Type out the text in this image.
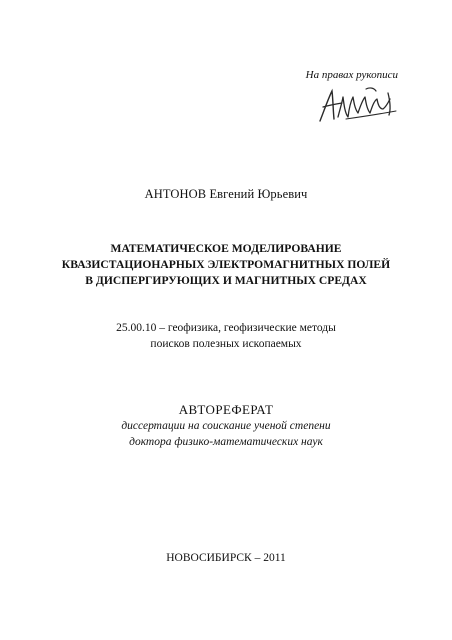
На правах рукописи
АНТОНОВ Евгений Юрьевич
МАТЕМАТИЧЕСКОЕ МОДЕЛИРОВАНИЕ
КВАЗИСТАЦИОНАРНЫХ ЭЛЕКТРОМАГНИТНЫХ ПОЛЕЙ
В ДИСПЕРГИРУЮЩИХ И МАГНИТНЫХ СРЕДАХ
25.00.10 – геофизика, геофизические методы
поисков полезных ископаемых
АВТОРЕФЕРАТ
диссертации на соискание ученой степени
доктора физико-математических наук
НОВОСИБИРСК – 2011
